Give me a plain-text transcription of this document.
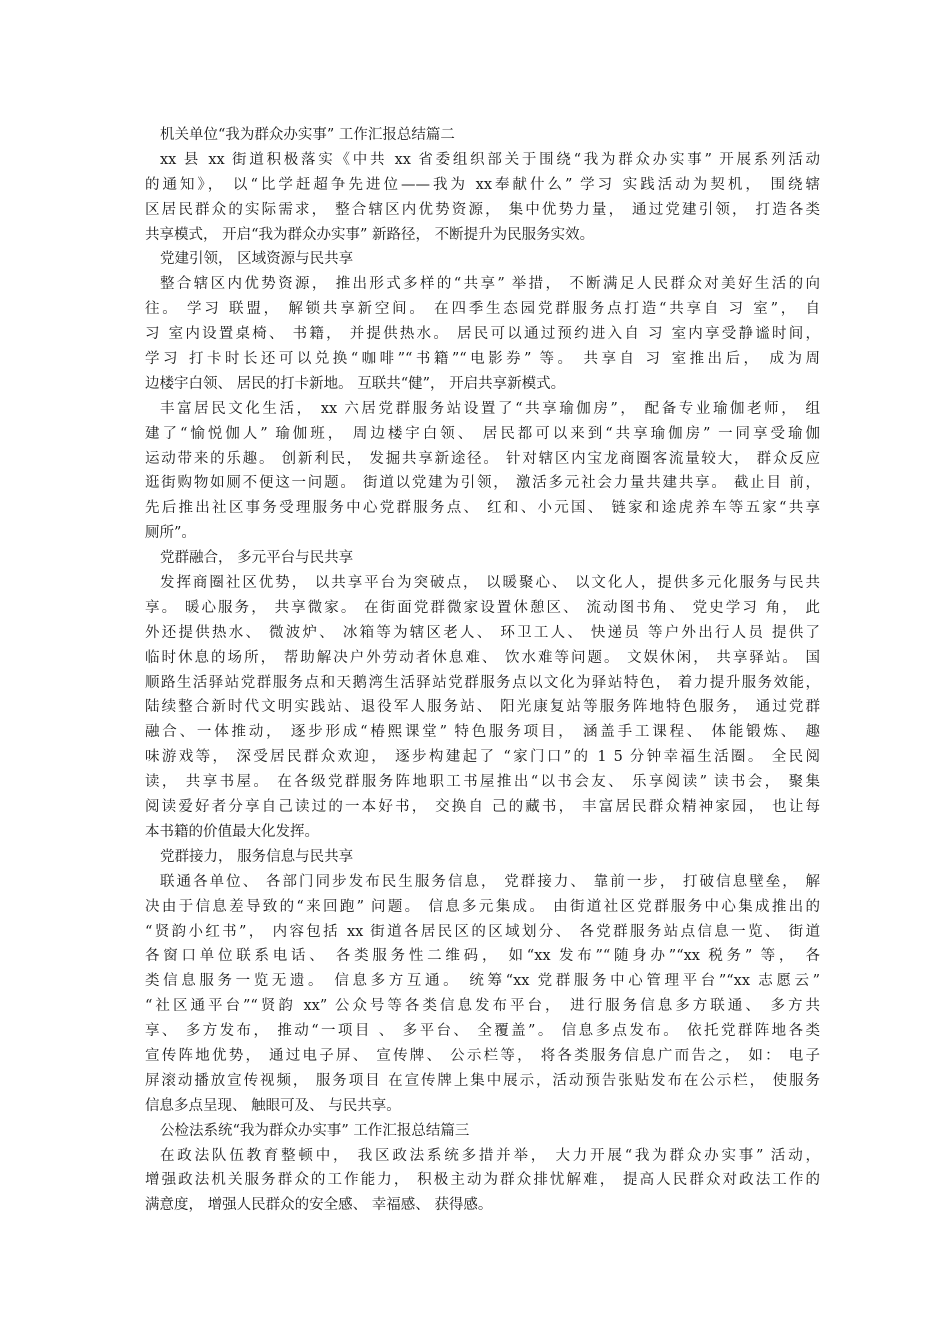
机关单位“我为群众办实事” 工作汇报总结篇二
xx 县 xx 街道积极落实《中共 xx 省委组织部关于围绕“我为群众办实事” 开展系列活动
的通知》， 以“比学赶超争先进位——我为 xx奉献什么” 学习 实践活动为契机， 围绕辖
区居民群众的实际需求， 整合辖区内优势资源， 集中优势力量， 通过党建引领， 打造各类
共享模式， 开启“我为群众办实事” 新路径， 不断提升为民服务实效。
党建引领， 区域资源与民共享
整合辖区内优势资源， 推出形式多样的“共享” 举措， 不断满足人民群众对美好生活的向
往。 学习 联盟， 解锁共享新空间。 在四季生态园党群服务点打造“共享自 习 室”， 自
习 室内设置桌椅、 书籍， 并提供热水。 居民可以通过预约进入自 习 室内享受静谧时间，
学习 打卡时长还可以兑换“咖啡”“书籍”“电影券” 等。 共享自 习 室推出后， 成为周
边楼宇白领、 居民的打卡新地。 互联共“健”， 开启共享新模式。
丰富居民文化生活， xx 六居党群服务站设置了“共享瑜伽房”， 配备专业瑜伽老师， 组
建了“愉悦伽人” 瑜伽班， 周边楼宇白领、 居民都可以来到“共享瑜伽房” 一同享受瑜伽
运动带来的乐趣。 创新利民， 发掘共享新途径。 针对辖区内宝龙商圈客流量较大， 群众反应
逛街购物如厕不便这一问题。 街道以党建为引领， 激活多元社会力量共建共享。 截止目 前，
先后推出社区事务受理服务中心党群服务点、 红和、小元国、 链家和途虎养车等五家“共享
厕所”。
党群融合， 多元平台与民共享
发挥商圈社区优势， 以共享平台为突破点， 以暖聚心、 以文化人，提供多元化服务与民共
享。 暖心服务， 共享微家。 在街面党群微家设置休憩区、 流动图书角、 党史学习 角， 此
外还提供热水、 微波炉、 冰箱等为辖区老人、 环卫工人、 快递员 等户外出行人员 提供了
临时休息的场所， 帮助解决户外劳动者休息难、 饮水难等问题。 文娱休闲， 共享驿站。 国
顺路生活驿站党群服务点和天鹅湾生活驿站党群服务点以文化为驿站特色， 着力提升服务效能，
陆续整合新时代文明实践站、退役军人服务站、 阳光康复站等服务阵地特色服务， 通过党群
融合、一体推动， 逐步形成“椿熙课堂” 特色服务项目， 涵盖手工课程、 体能锻炼、 趣
味游戏等， 深受居民群众欢迎， 逐步构建起了 “家门口”的 1 5 分钟幸福生活圈。 全民阅
读， 共享书屋。 在各级党群服务阵地职工书屋推出“以书会友、 乐享阅读” 读书会， 聚集
阅读爱好者分享自己读过的一本好书， 交换自 己的藏书， 丰富居民群众精神家园， 也让每
本书籍的价值最大化发挥。
党群接力， 服务信息与民共享
联通各单位、 各部门同步发布民生服务信息， 党群接力、 靠前一步， 打破信息壁垒， 解
决由于信息差导致的“来回跑” 问题。 信息多元集成。 由街道社区党群服务中心集成推出的
“贤韵小红书”， 内容包括 xx 街道各居民区的区域划分、 各党群服务站点信息一览、 街道
各窗口单位联系电话、 各类服务性二维码， 如“xx 发布”“随身办”“xx 税务” 等， 各
类信息服务一览无遗。 信息多方互通。 统筹“xx 党群服务中心管理平台”“xx 志愿云”
“社区通平台”“贤韵 xx” 公众号等各类信息发布平台， 进行服务信息多方联通、 多方共
享、 多方发布， 推动“一项目 、 多平台、 全覆盖”。 信息多点发布。 依托党群阵地各类
宣传阵地优势， 通过电子屏、 宣传牌、 公示栏等， 将各类服务信息广而告之， 如： 电子
屏滚动播放宣传视频， 服务项目 在宣传牌上集中展示，活动预告张贴发布在公示栏， 使服务
信息多点呈现、 触眼可及、 与民共享。
公检法系统“我为群众办实事” 工作汇报总结篇三
在政法队伍教育整顿中， 我区政法系统多措并举， 大力开展“我为群众办实事” 活动，
增强政法机关服务群众的工作能力， 积极主动为群众排忧解难， 提高人民群众对政法工作的
满意度， 增强人民群众的安全感、 幸福感、 获得感。
